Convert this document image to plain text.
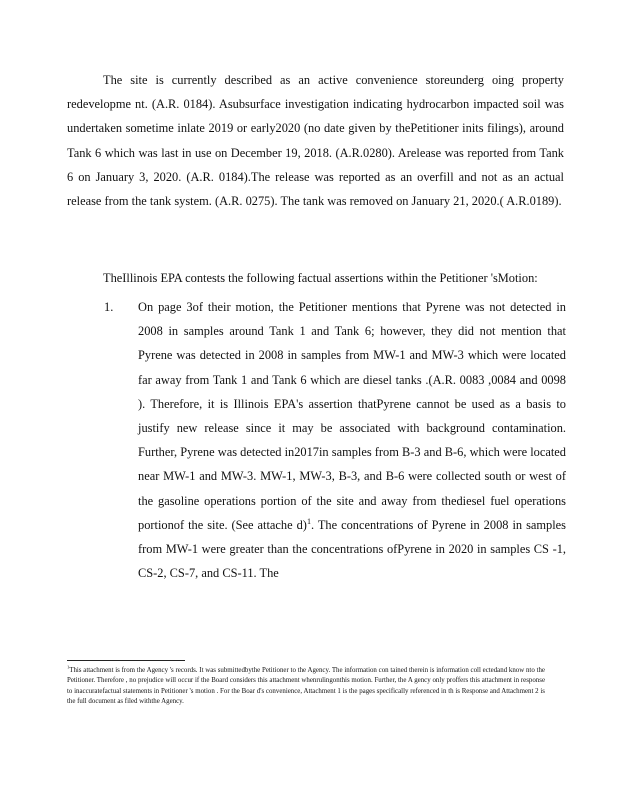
The site is currently described as an active convenience storeunderg oing property redevelopme nt. (A.R. 0184). Asubsurface investigation indicating hydrocarbon impacted soil was undertaken sometime inlate 2019 or early2020 (no date given by thePetitioner inits filings), around Tank 6 which was last in use on December 19, 2018. (A.R.0280). Arelease was reported from Tank 6 on January 3, 2020. (A.R. 0184).The release was reported as an overfill and not as an actual release from the tank system. (A.R. 0275). The tank was removed on January 21, 2020.( A.R.0189).

TheIllinois EPA contests the following factual assertions within the Petitioner 'sMotion:

1.	On page 3of their motion, the Petitioner mentions that Pyrene was not detected in 2008 in samples around Tank 1 and Tank 6; however, they did not mention that Pyrene was detected in 2008 in samples from MW-1 and MW-3 which were located far away from Tank 1 and Tank 6 which are diesel tanks .(A.R. 0083 ,0084 and 0098 ). Therefore, it is Illinois EPA's assertion thatPyrene cannot be used as a basis to justify new release since it may be associated with background contamination. Further, Pyrene was detected in2017in samples from B-3 and B-6, which were located near MW-1 and MW-3. MW-1, MW-3, B-3, and B-6 were collected south or west of the gasoline operations portion of the site and away from thediesel fuel operations portionof the site. (See attache d)$^1$. The concentrations of Pyrene in 2008 in samples from MW-1 were greater than the concentrations ofPyrene in 2020 in samples CS -1, CS-2, CS-7, and CS-11. The

$^1$This attachment is from the Agency 's records. It was submittedbythe Petitioner to the Agency. The information con tained therein is information coll ectedand know nto the Petitioner. Therefore , no prejudice will occur if the Board considers this attachment whenrulingonthis motion. Further, the A gency only proffers this attachment in response to inaccuratefactual statements in Petitioner 's motion . For the Boar d's convenience, Attachment 1 is the pages specifically referenced in th is Response and Attachment 2 is the full document as filed withthe Agency.
